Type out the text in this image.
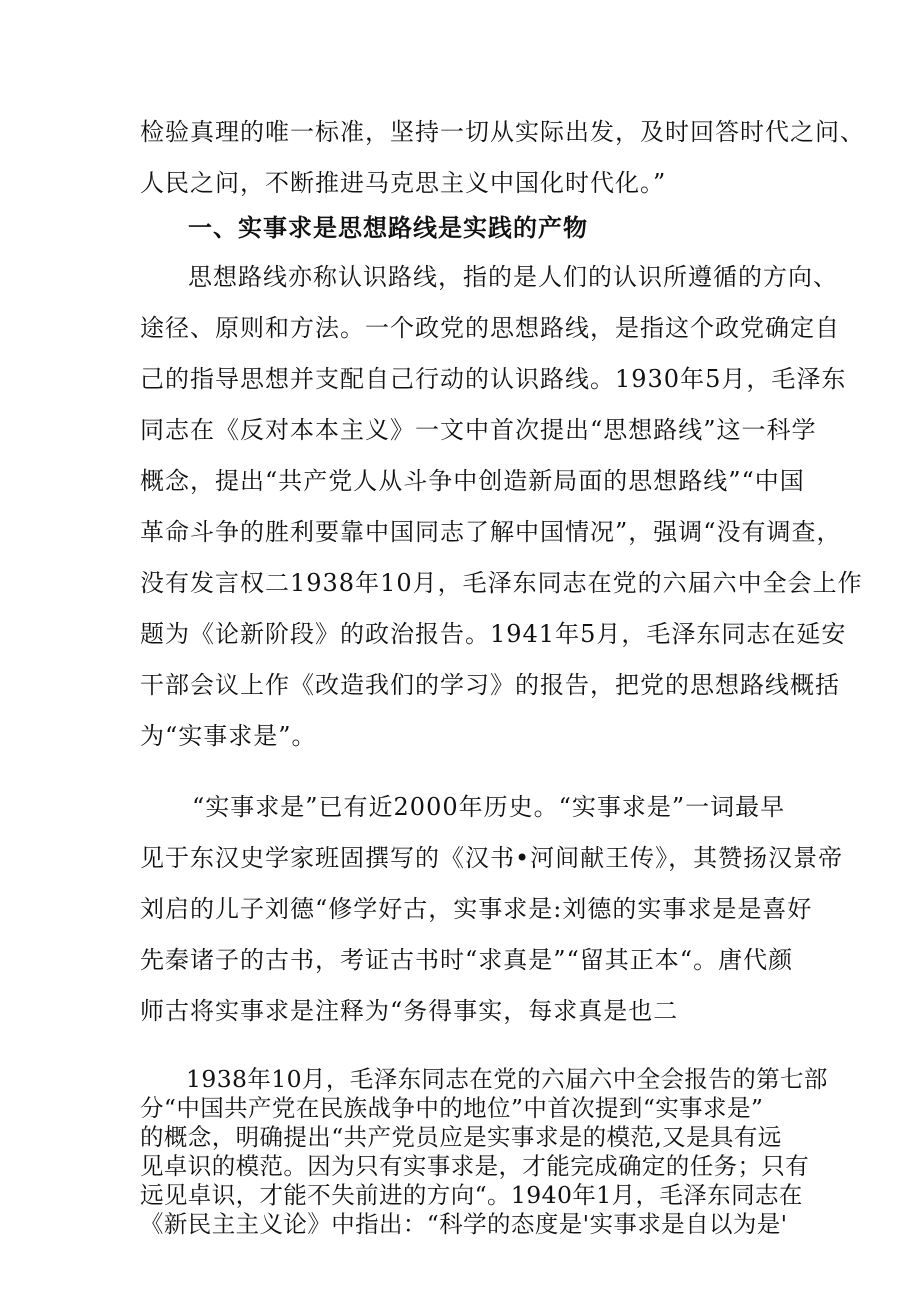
检验真理的唯一标准，坚持一切从实际出发，及时回答时代之问、
人民之问，不断推进马克思主义中国化时代化。”
一、实事求是思想路线是实践的产物
思想路线亦称认识路线，指的是人们的认识所遵循的方向、
途径、原则和方法。一个政党的思想路线，是指这个政党确定自
己的指导思想并支配自己行动的认识路线。1930年5月，毛泽东
同志在《反对本本主义》一文中首次提出“思想路线”这一科学
概念，提出“共产党人从斗争中创造新局面的思想路线”“中国
革命斗争的胜利要靠中国同志了解中国情况”，强调“没有调查，
没有发言权二1938年10月，毛泽东同志在党的六届六中全会上作
题为《论新阶段》的政治报告。1941年5月，毛泽东同志在延安
干部会议上作《改造我们的学习》的报告，把党的思想路线概括
为“实事求是”。
“实事求是”已有近2000年历史。“实事求是”一词最早
见于东汉史学家班固撰写的《汉书•河间献王传》，其赞扬汉景帝
刘启的儿子刘德“修学好古，实事求是:刘德的实事求是是喜好
先秦诸子的古书，考证古书时“求真是”“留其正本“。唐代颜
师古将实事求是注释为“务得事实，每求真是也二
1938年10月，毛泽东同志在党的六届六中全会报告的第七部
分“中国共产党在民族战争中的地位”中首次提到“实事求是”
的概念，明确提出“共产党员应是实事求是的模范,又是具有远
见卓识的模范。因为只有实事求是，才能完成确定的任务；只有
远见卓识，才能不失前进的方向“。1940年1月，毛泽东同志在
《新民主主义论》中指出：“科学的态度是'实事求是自以为是'
